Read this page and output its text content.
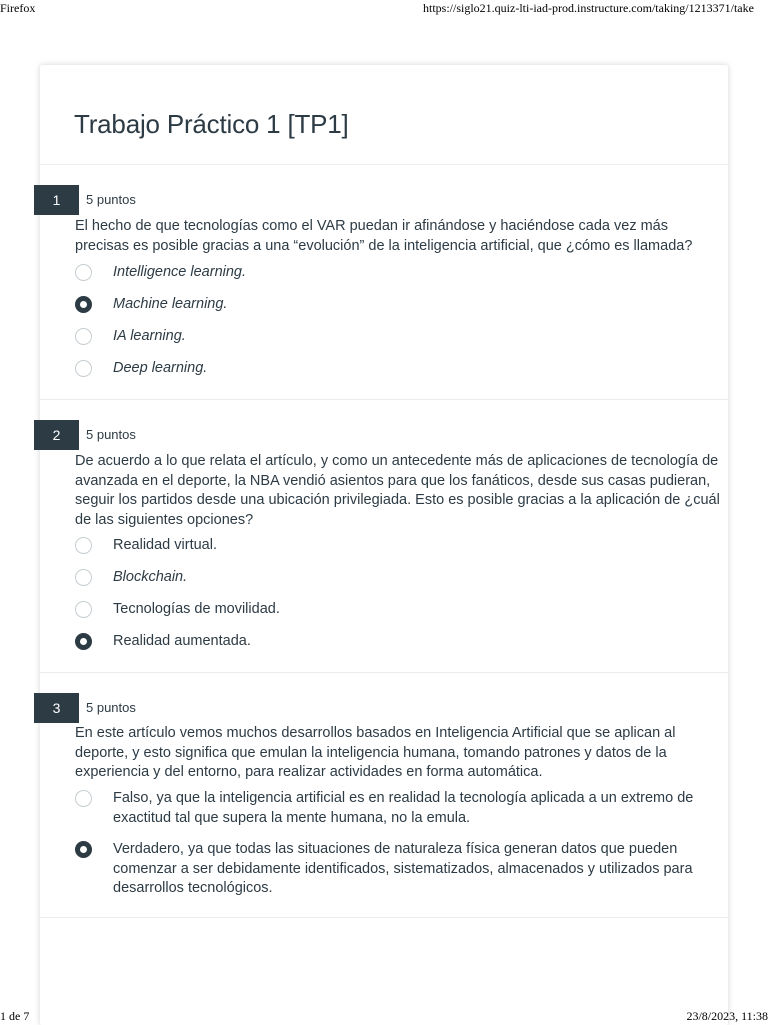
Firefox	https://siglo21.quiz-lti-iad-prod.instructure.com/taking/1213371/take
Trabajo Práctico 1 [TP1]
1	5 puntos
El hecho de que tecnologías como el VAR puedan ir afinándose y haciéndose cada vez más precisas es posible gracias a una “evolución” de la inteligencia artificial, que ¿cómo es llamada?
Intelligence learning.
Machine learning.
IA learning.
Deep learning.
2	5 puntos
De acuerdo a lo que relata el artículo, y como un antecedente más de aplicaciones de tecnología de avanzada en el deporte, la NBA vendió asientos para que los fanáticos, desde sus casas pudieran, seguir los partidos desde una ubicación privilegiada. Esto es posible gracias a la aplicación de ¿cuál de las siguientes opciones?
Realidad virtual.
Blockchain.
Tecnologías de movilidad.
Realidad aumentada.
3	5 puntos
En este artículo vemos muchos desarrollos basados en Inteligencia Artificial que se aplican al deporte, y esto significa que emulan la inteligencia humana, tomando patrones y datos de la experiencia y del entorno, para realizar actividades en forma automática.
Falso, ya que la inteligencia artificial es en realidad la tecnología aplicada a un extremo de exactitud tal que supera la mente humana, no la emula.
Verdadero, ya que todas las situaciones de naturaleza física generan datos que pueden comenzar a ser debidamente identificados, sistematizados, almacenados y utilizados para desarrollos tecnológicos.
1 de 7	23/8/2023, 11:38
